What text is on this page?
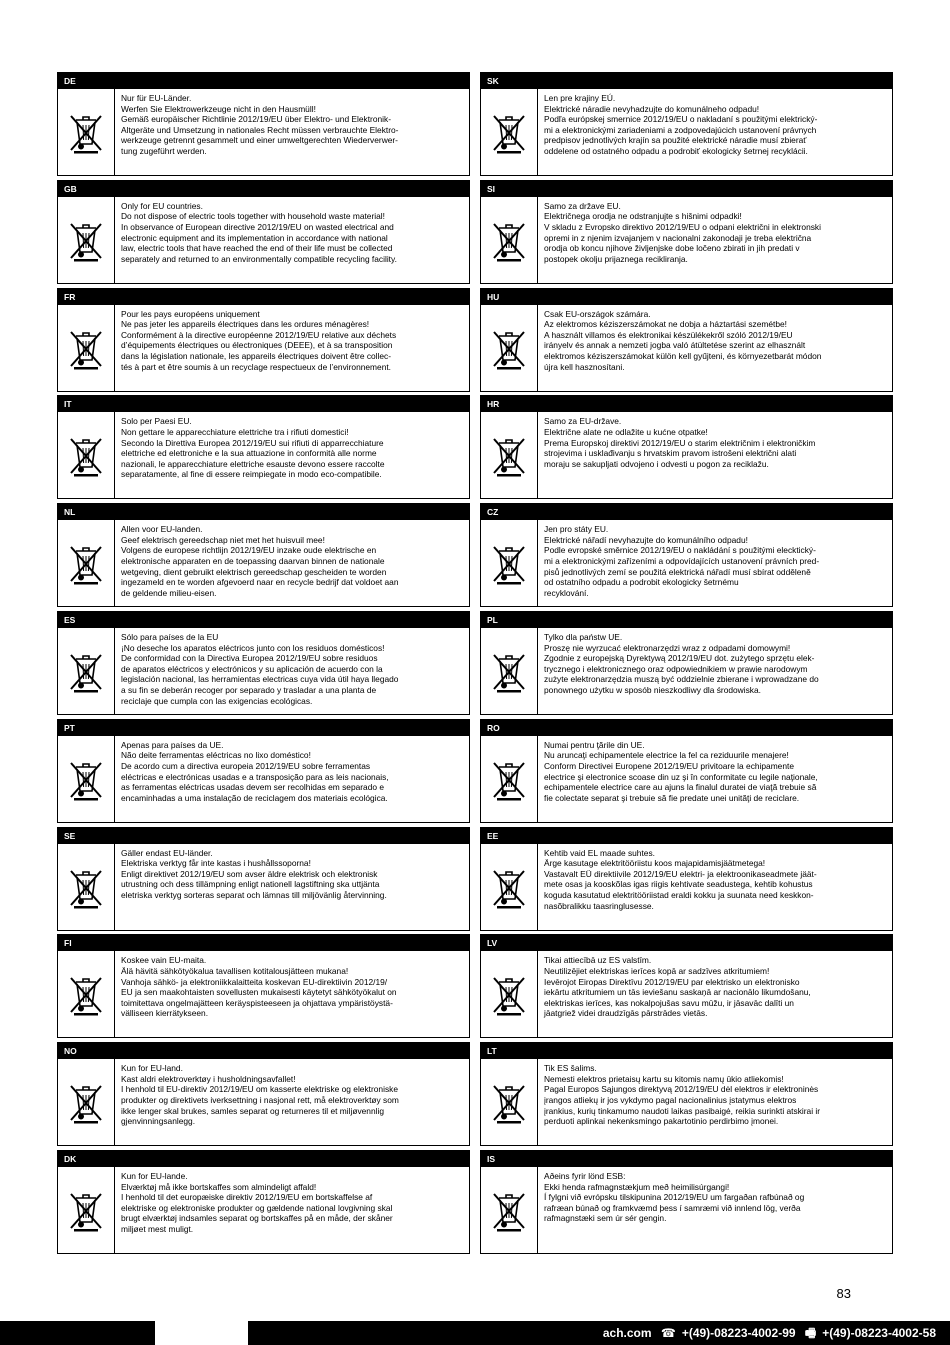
DE
Nur für EU-Länder.
Werfen Sie Elektrowerkzeuge nicht in den Hausmüll!
Gemäß europäischer Richtlinie 2012/19/EU über Elektro- und Elektronik-
Altgeräte und Umsetzung in nationales Recht müssen verbrauchte Elektro-
werkzeuge getrennt gesammelt und einer umweltgerechten Wiederverwer-
tung zugeführt werden.
SK
Len pre krajiny EÚ.
Elektrické náradie nevyhadzujte do komunálneho odpadu!
Podľa európskej smernice 2012/19/EU o nakladaní s použitými elektrický-
mi a elektronickými zariadeniami a zodpovedajúcich ustanovení právnych
predpisov jednotlivých krajín sa použité elektrické náradie musí zbierať
oddelene od ostatného odpadu a podrobiť ekologicky šetrnej recyklácii.
GB
Only for EU countries.
Do not dispose of electric tools together with household waste material!
In observance of European directive 2012/19/EU on wasted electrical and
electronic equipment and its implementation in accordance with national
law, electric tools that have reached the end of their life must be collected
separately and returned to an environmentally compatible recycling facility.
SI
Samo za države EU.
Električnega orodja ne odstranjujte s hišnimi odpadki!
V skladu z Evropsko direktivo 2012/19/EU o odpani električni in elektronski
opremi in z njenim izvajanjem v nacionalni zakonodaji je treba električna
orodja ob koncu njihove življenjske dobe ločeno zbirati in jih predati v
postopek okolju prijaznega recikliranja.
FR
Pour les pays européens uniquement
Ne pas jeter les appareils électriques dans les ordures ménagères!
Conformément à la directive européenne 2012/19/EU relative aux déchets
d’équipements électriques ou électroniques (DEEE), et à sa transposition
dans la législation nationale, les appareils électriques doivent être collec-
tés à part et être soumis à un recyclage respectueux de l’environnement.
HU
Csak EU-országok számára.
Az elektromos kéziszerszámokat ne dobja a háztartási szemétbe!
A használt villamos és elektronikai készülékekről szóló 2012/19/EU
irányelv és annak a nemzeti jogba való átültetése szerint az elhasznált
elektromos kéziszerszámokat külön kell gyűjteni, és környezetbarát módon
újra kell hasznosítani.
IT
Solo per Paesi EU.
Non gettare le apparecchiature elettriche tra i rifiuti domestici!
Secondo la Direttiva Europea 2012/19/EU sui rifiuti di apparrecchiature
elettriche ed elettroniche e la sua attuazione in conformità alle norme
nazionali, le apparecchiature elettriche esauste devono essere raccolte
separatamente, al fine di essere reimpiegate in modo eco-compatibile.
HR
Samo za EU-države.
Električne alate ne odlažite u kućne otpatke!
Prema Europskoj direktivi 2012/19/EU o starim električnim i elektroničkim
strojevima i usklađivanju s hrvatskim pravom istrošeni električni alati
moraju se sakupljati odvojeno i odvesti u pogon za reciklažu.
NL
Allen voor EU-landen.
Geef elektrisch gereedschap niet met het huisvuil mee!
Volgens de europese richtlijn 2012/19/EU inzake oude elektrische en
elektronische apparaten en de toepassing daarvan binnen de nationale
wetgeving, dient gebruikt elektrisch gereedschap gescheiden te worden
ingezameld en te worden afgevoerd naar en recycle bedrijf dat voldoet aan
de geldende milieu-eisen.
CZ
Jen pro státy EU.
Elektrické nářadí nevyhazujte do komunálního odpadu!
Podle evropské směrnice 2012/19/EU o nakládání s použitými elecktický-
mi a elektronickými zařízeními a odpovídajících ustanovení právních pred-
pisů jednotlivých zemí se použitá elektrická nářadí musí sbírat odděleně
od ostatního odpadu a podrobit ekologicky šetrnému
recyklování.
ES
Sólo para países de la EU
¡No deseche los aparatos eléctricos junto con los residuos domésticos!
De conformidad con la Directiva Europea 2012/19/EU sobre residuos
de aparatos eléctricos y electrónicos y su aplicación de acuerdo con la
legislación nacional, las herramientas electricas cuya vida útil haya llegado
a su fin se deberán recoger por separado y trasladar a una planta de
reciclaje que cumpla con las exigencias ecológicas.
PL
Tylko dla państw UE.
Proszę nie wyrzucać elektronarzędzi wraz z odpadami domowymi!
Zgodnie z europejską Dyrektywą 2012/19/EU dot. zużytego sprzętu elek-
trycznego i elektronicznego oraz odpowiednikiem w prawie narodowym
zużyte elektronarzędzia muszą być oddzielnie zbierane i wprowadzane do
ponownego użytku w sposób nieszkodliwy dla środowiska.
PT
Apenas para países da UE.
Não deite ferramentas eléctricas no lixo doméstico!
De acordo cum a directiva europeia 2012/19/EU sobre ferramentas
eléctricas e electrónicas usadas e a transposição para as leis nacionais,
as ferramentas eléctricas usadas devem ser recolhidas em separado e
encaminhadas a uma instalação de reciclagem dos materiais ecológica.
RO
Numai pentru ţările din UE.
Nu aruncaţi echipamentele electrice la fel ca reziduurile menajere!
Conform Directivei Europene 2012/19/EU privitoare la echipamente
electrice şi electronice scoase din uz şi în conformitate cu legile naţionale,
echipamentele electrice care au ajuns la finalul duratei de viaţă trebuie să
fie colectate separat şi trebuie să fie predate unei unităţi de reciclare.
SE
Gäller endast EU-länder.
Elektriska verktyg får inte kastas i hushållssoporna!
Enligt direktivet 2012/19/EU som avser äldre elektrisk och elektronisk
utrustning och dess tillämpning enligt nationell lagstiftning ska uttjänta
eletriska verktyg sorteras separat och lämnas till miljövänlig återvinning.
EE
Kehtib vaid EL maade suhtes.
Ärge kasutage elektritööriistu koos majapidamisjäätmetega!
Vastavalt EÜ direktiivile 2012/19/EU elektri- ja elektroonikaseadmete jäät-
mete osas ja kooskõlas igas riigis kehtivate seadustega, kehtib kohustus
koguda kasutatud elektritööriistad eraldi kokku ja suunata need keskkon-
nasõbralikku taasringlusesse.
FI
Koskee vain EU-maita.
Älä hävitä sähkötyökalua tavallisen kotitalousjätteen mukana!
Vanhoja sähkö- ja elektroniikkalaitteita koskevan EU-direktiivin 2012/19/
EU ja sen maakohtaisten sovellusten mukaisesti käytetyt sähkötyökalut on
toimitettava ongelmajätteen keräyspisteeseen ja ohjattava ympäristöystä-
välliseen kierrätykseen.
LV
Tikai attiecībā uz ES valstīm.
Neutilizējiet elektriskas ierīces kopā ar sadzīves atkritumiem!
Ievērojot Eiropas Direktīvu 2012/19/EU par elektrisko un elektronisko
iekārtu atkritumiem un tās ieviešanu saskaņā ar nacionālo likumdošanu,
elektriskas ierīces, kas nokalpojušas savu mūžu, ir jāsavāc dalīti un
jāatgriež videi draudzīgās pārstrādes vietās.
NO
Kun for EU-land.
Kast aldri elektroverktøy i husholdningsavfallet!
I henhold til EU-direktiv 2012/19/EU om kasserte elektriske og elektroniske
produkter og direktivets iverksettning i nasjonal rett, må elektroverktøy som
ikke lenger skal brukes, samles separat og returneres til et miljøvennlig
gjenvinningsanlegg.
LT
Tik ES šalims.
Nemesti elektros prietaisų kartu su kitomis namų ūkio atliekomis!
Pagal Europos Sąjungos direktyvą 2012/19/EU dėl elektros ir elektroninės
įrangos atliekų ir jos vykdymo pagal nacionalinius įstatymus elektros
įrankius, kurių tinkamumo naudoti laikas pasibaigė, reikia surinkti atskirai ir
perduoti aplinkai nekenksmingo pakartotinio perdirbimo įmonei.
DK
Kun for EU-lande.
Elværktøj må ikke bortskaffes som almindeligt affald!
I henhold til det europæiske direktiv 2012/19/EU em bortskaffelse af
elektriske og elektroniske produkter og gældende national lovgivning skal
brugt elværktøj indsamles separat og bortskaffes på en måde, der skåner
miljøet mest muligt.
IS
Aðeins fyrir lönd ESB:
Ekki henda rafmagnstækjum með heimilisúrgangi!
Í fylgni við evrópsku tilskipunina 2012/19/EU um fargaðan rafbúnað og
rafræan búnað og framkvæmd þess í samræmi við innlend lög, verða
rafmagnstæki sem úr sér gengin.
83
ach.com ☎ +(49)-08223-4002-99 🖷 +(49)-08223-4002-58
